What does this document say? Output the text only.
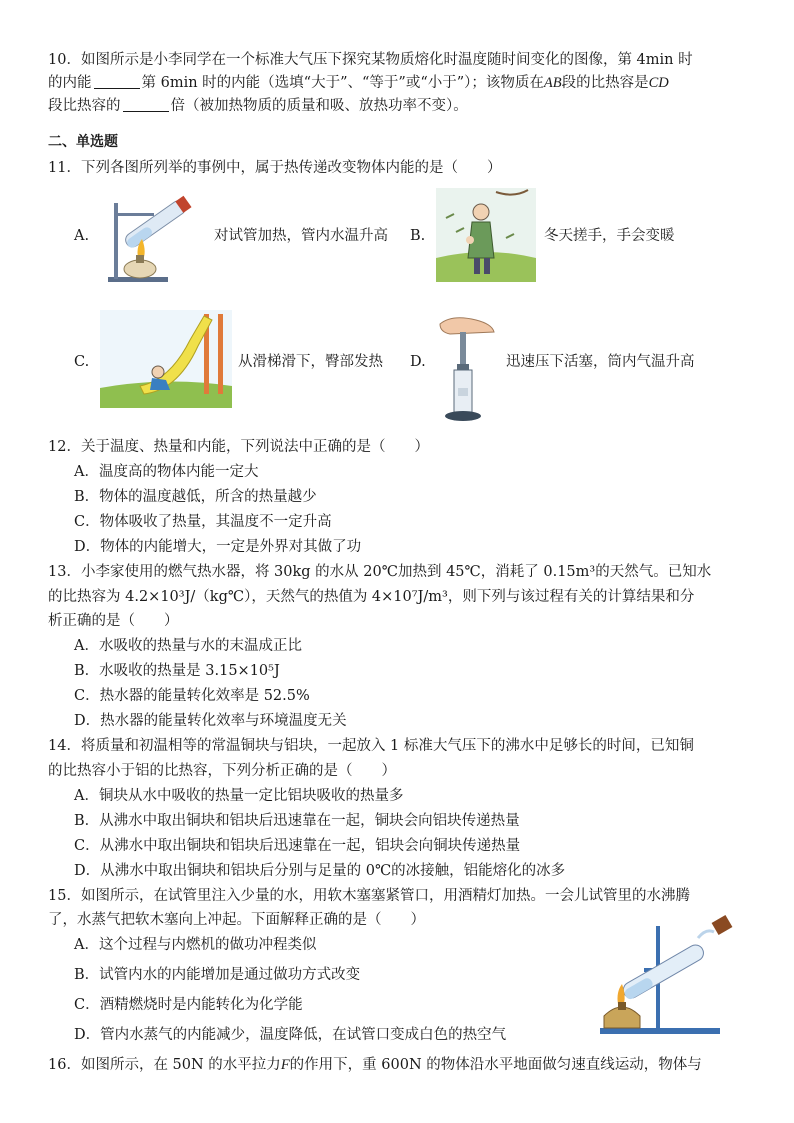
10．如图所示是小李同学在一个标准大气压下探究某物质熔化时温度随时间变化的图像，第 4min 时
的内能	第 6min 时的内能（选填“大于”、“等于”或“小于”）；该物质在AB段的比热容是CD
段比热容的	倍（被加热物质的质量和吸、放热功率不变）。
二、单选题
11．下列各图所列举的事例中，属于热传递改变物体内能的是（　　）
A.	对试管加热，管内水温升高 B.	冬天搓手，手会变暖
C.	从滑梯滑下，臀部发热 D.	迅速压下活塞，筒内气温升高
12．关于温度、热量和内能，下列说法中正确的是（　　）
A．温度高的物体内能一定大
B．物体的温度越低，所含的热量越少
C．物体吸收了热量，其温度不一定升高
D．物体的内能增大，一定是外界对其做了功
13．小李家使用的燃气热水器，将 30kg 的水从 20℃加热到 45℃，消耗了 0.15m³的天然气。已知水
的比热容为 4.2×10³J/（kg℃），天然气的热值为 4×10⁷J/m³，则下列与该过程有关的计算结果和分
析正确的是（　　）
A．水吸收的热量与水的末温成正比
B．水吸收的热量是 3.15×10⁵J
C．热水器的能量转化效率是 52.5%
D．热水器的能量转化效率与环境温度无关
14．将质量和初温相等的常温铜块与铝块，一起放入 1 标准大气压下的沸水中足够长的时间，已知铜
的比热容小于铝的比热容，下列分析正确的是（　　）
A．铜块从水中吸收的热量一定比铝块吸收的热量多
B．从沸水中取出铜块和铝块后迅速靠在一起，铜块会向铝块传递热量
C．从沸水中取出铜块和铝块后迅速靠在一起，铝块会向铜块传递热量
D．从沸水中取出铜块和铝块后分别与足量的 0℃的冰接触，铝能熔化的冰多
15．如图所示，在试管里注入少量的水，用软木塞塞紧管口，用酒精灯加热。一会儿试管里的水沸腾
了，水蒸气把软木塞向上冲起。下面解释正确的是（　　）
A．这个过程与内燃机的做功冲程类似
B．试管内水的内能增加是通过做功方式改变
C．酒精燃烧时是内能转化为化学能
D．管内水蒸气的内能减少，温度降低，在试管口变成白色的热空气
16．如图所示，在 50N 的水平拉力F的作用下，重 600N 的物体沿水平地面做匀速直线运动，物体与
